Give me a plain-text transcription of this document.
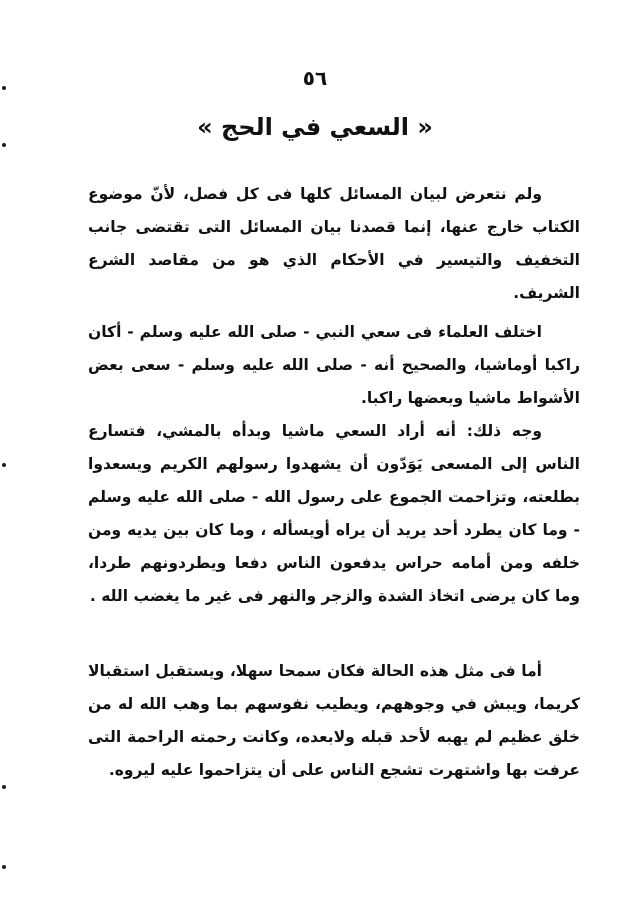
٥٦
« السعي في الحج »

ولم نتعرض لبيان المسائل كلها فى كل فصل، لأنّ موضوع الكتاب خارج عنها، إنما قصدنا بيان المسائل التى تقتضى جانب التخفيف والتيسير في الأحكام الذي هو من مقاصد الشرع الشريف.

اختلف العلماء فى سعي النبي - صلى الله عليه وسلم - أكان راكبا أوماشيا، والصحيح أنه - صلى الله عليه وسلم - سعى بعض الأشواط ماشيا وبعضها راكبا.

وجه ذلك: أنه أراد السعي ماشيا وبدأه بالمشي، فتسارع الناس إلى المسعى يَوَدّون أن يشهدوا رسولهم الكريم ويسعدوا بطلعته، وتزاحمت الجموع على رسول الله - صلى الله عليه وسلم - وما كان يطرد أحد يريد أن يراه أويسأله ، وما كان بين يديه ومن خلفه ومن أمامه حراس يدفعون الناس دفعا ويطردونهم طردا، وما كان يرضى اتخاذ الشدة والزجر والنهر فى غير ما يغضب الله .

أما فى مثل هذه الحالة فكان سمحا سهلا، ويستقبل استقبالا كريما، ويبش في وجوههم، ويطيب نفوسهم بما وهب الله له من خلق عظيم لم يهبه لأحد قبله ولابعده، وكانت رحمته الراحمة التى عرفت بها واشتهرت تشجع الناس على أن يتزاحموا عليه ليروه.
